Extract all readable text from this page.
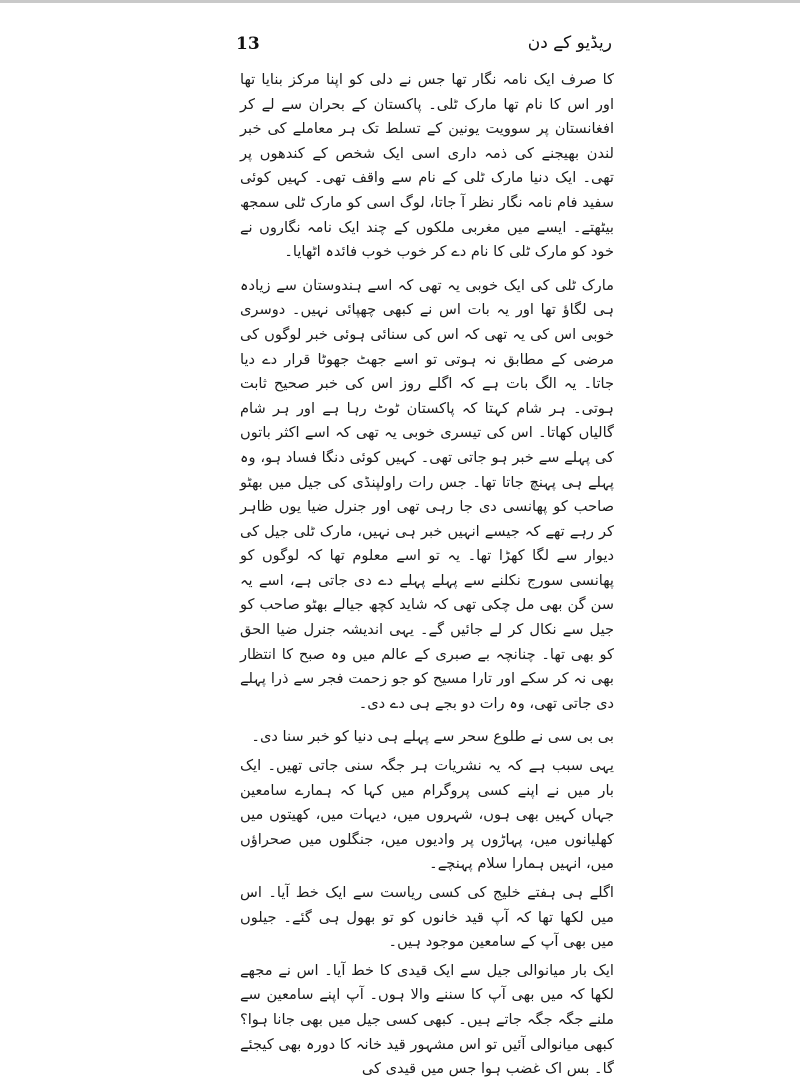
13	ریڈیو کے دن

کا صرف ایک نامہ نگار تھا جس نے دلی کو اپنا مرکز بنایا تھا اور اس کا نام تھا مارک ٹلی۔ پاکستان کے بحران سے لے کر افغانستان پر سوویت یونین کے تسلط تک ہر معاملے کی خبر لندن بھیجنے کی ذمہ داری اسی ایک شخص کے کندھوں پر تھی۔ ایک دنیا مارک ٹلی کے نام سے واقف تھی۔ کہیں کوئی سفید فام نامہ نگار نظر آ جاتا، لوگ اسی کو مارک ٹلی سمجھ بیٹھتے۔ ایسے میں مغربی ملکوں کے چند ایک نامہ نگاروں نے خود کو مارک ٹلی کا نام دے کر خوب خوب فائدہ اٹھایا۔

مارک ٹلی کی ایک خوبی یہ تھی کہ اسے ہندوستان سے زیادہ ہی لگاؤ تھا اور یہ بات اس نے کبھی چھپائی نہیں۔ دوسری خوبی اس کی یہ تھی کہ اس کی سنائی ہوئی خبر لوگوں کی مرضی کے مطابق نہ ہوتی تو اسے جھٹ جھوٹا قرار دے دیا جاتا۔ یہ الگ بات ہے کہ اگلے روز اس کی خبر صحیح ثابت ہوتی۔ ہر شام کہتا کہ پاکستان ٹوٹ رہا ہے اور ہر شام گالیاں کھاتا۔ اس کی تیسری خوبی یہ تھی کہ اسے اکثر باتوں کی پہلے سے خبر ہو جاتی تھی۔ کہیں کوئی دنگا فساد ہو، وہ پہلے ہی پہنچ جاتا تھا۔ جس رات راولپنڈی کی جیل میں بھٹو صاحب کو پھانسی دی جا رہی تھی اور جنرل ضیا یوں ظاہر کر رہے تھے کہ جیسے انہیں خبر ہی نہیں، مارک ٹلی جیل کی دیوار سے لگا کھڑا تھا۔ یہ تو اسے معلوم تھا کہ لوگوں کو پھانسی سورج نکلنے سے پہلے پہلے دے دی جاتی ہے، اسے یہ سن گن بھی مل چکی تھی کہ شاید کچھ جیالے بھٹو صاحب کو جیل سے نکال کر لے جائیں گے۔ یہی اندیشہ جنرل ضیا الحق کو بھی تھا۔ چنانچہ بے صبری کے عالم میں وہ صبح کا انتظار بھی نہ کر سکے اور تارا مسیح کو جو زحمت فجر سے ذرا پہلے دی جاتی تھی، وہ رات دو بجے ہی دے دی۔

بی بی سی نے طلوع سحر سے پہلے ہی دنیا کو خبر سنا دی۔

یہی سبب ہے کہ یہ نشریات ہر جگہ سنی جاتی تھیں۔ ایک بار میں نے اپنے کسی پروگرام میں کہا کہ ہمارے سامعین جہاں کہیں بھی ہوں، شہروں میں، دیہات میں، کھیتوں میں کھلیانوں میں، پہاڑوں پر وادیوں میں، جنگلوں میں صحراؤں میں، انہیں ہمارا سلام پہنچے۔

اگلے ہی ہفتے خلیج کی کسی ریاست سے ایک خط آیا۔ اس میں لکھا تھا کہ آپ قید خانوں کو تو بھول ہی گئے۔ جیلوں میں بھی آپ کے سامعین موجود ہیں۔

ایک بار میانوالی جیل سے ایک قیدی کا خط آیا۔ اس نے مجھے لکھا کہ میں بھی آپ کا سننے والا ہوں۔ آپ اپنے سامعین سے ملنے جگہ جگہ جاتے ہیں۔ کبھی کسی جیل میں بھی جانا ہوا؟ کبھی میانوالی آئیں تو اس مشہور قید خانہ کا دورہ بھی کیجئے گا۔ بس اک غضب ہوا جس میں قیدی کی
